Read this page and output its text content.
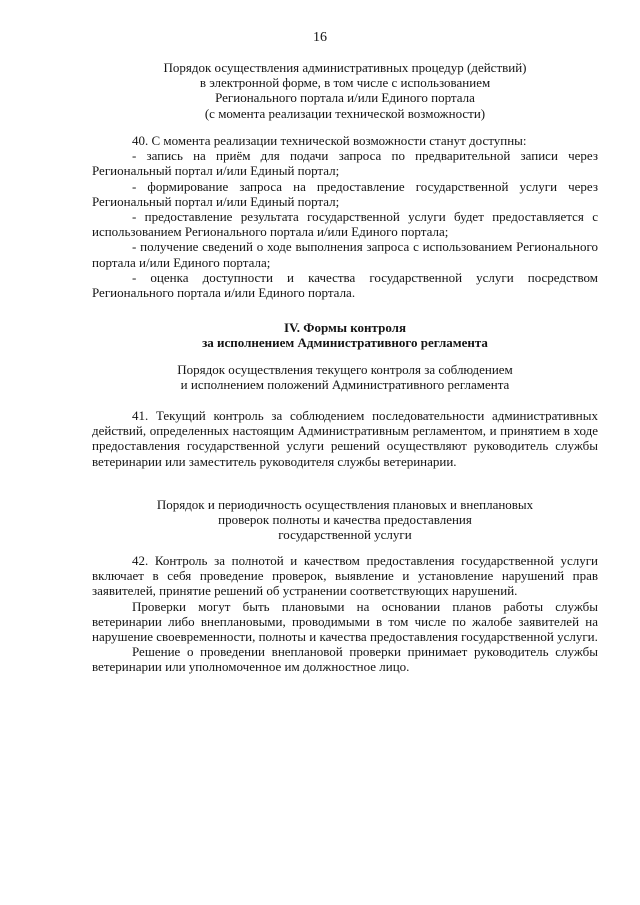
16
Порядок осуществления административных процедур (действий)
в электронной форме, в том числе с использованием
Регионального портала и/или Единого портала
(с момента реализации технической возможности)
40. С момента реализации технической возможности станут доступны:
- запись на приём для подачи запроса по предварительной записи через Региональный портал и/или Единый портал;
- формирование запроса на предоставление государственной услуги через Региональный портал и/или Единый портал;
- предоставление результата государственной услуги будет предоставляется с использованием Регионального портала и/или Единого портала;
- получение сведений о ходе выполнения запроса с использованием Регионального портала и/или Единого портала;
- оценка доступности и качества государственной услуги посредством Регионального портала и/или Единого портала.
IV. Формы контроля
за исполнением Административного регламента
Порядок осуществления текущего контроля за соблюдением
и исполнением положений Административного регламента
41. Текущий контроль за соблюдением последовательности административных действий, определенных настоящим Административным регламентом, и принятием в ходе предоставления государственной услуги решений осуществляют руководитель службы ветеринарии или заместитель руководителя службы ветеринарии.
Порядок и периодичность осуществления плановых и внеплановых
проверок полноты и качества предоставления
государственной услуги
42. Контроль за полнотой и качеством предоставления государственной услуги включает в себя проведение проверок, выявление и установление нарушений прав заявителей, принятие решений об устранении соответствующих нарушений.
Проверки могут быть плановыми на основании планов работы службы ветеринарии либо внеплановыми, проводимыми в том числе по жалобе заявителей на нарушение своевременности, полноты и качества предоставления государственной услуги.
Решение о проведении внеплановой проверки принимает руководитель службы ветеринарии или уполномоченное им должностное лицо.
